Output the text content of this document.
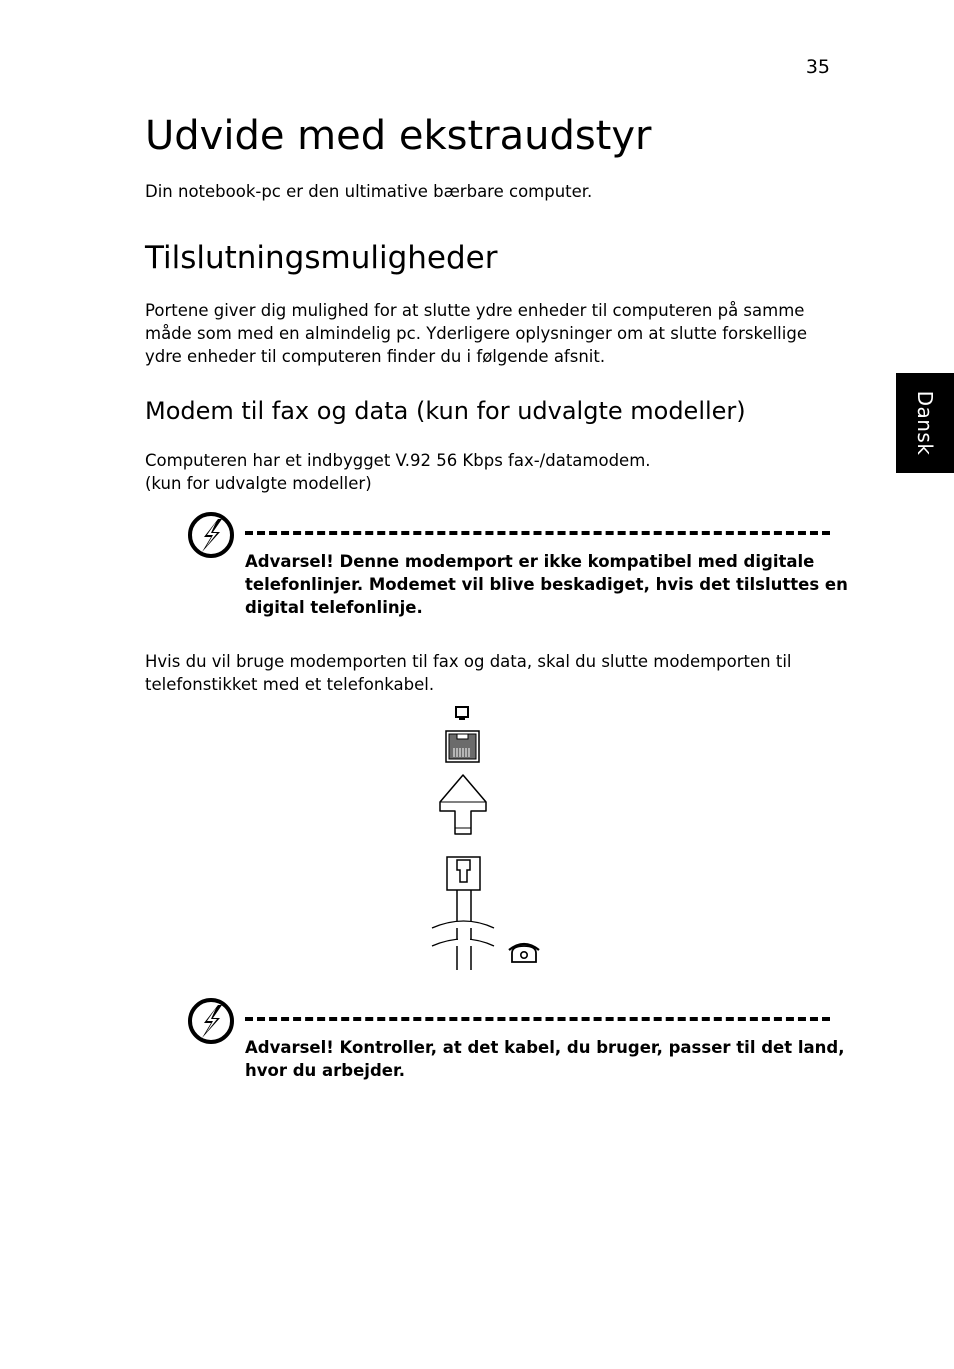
35
Dansk
Udvide med ekstraudstyr
Din notebook-pc er den ultimative bærbare computer.
Tilslutningsmuligheder
Portene giver dig mulighed for at slutte ydre enheder til computeren på samme
måde som med en almindelig pc. Yderligere oplysninger om at slutte forskellige
ydre enheder til computeren finder du i følgende afsnit.
Modem til fax og data (kun for udvalgte modeller)
Computeren har et indbygget V.92 56 Kbps fax-/datamodem.
(kun for udvalgte modeller)
Advarsel! Denne modemport er ikke kompatibel med digitale
telefonlinjer. Modemet vil blive beskadiget, hvis det tilsluttes en
digital telefonlinje.
Hvis du vil bruge modemporten til fax og data, skal du slutte modemporten til
telefonstikket med et telefonkabel.
Advarsel! Kontroller, at det kabel, du bruger, passer til det land,
hvor du arbejder.
